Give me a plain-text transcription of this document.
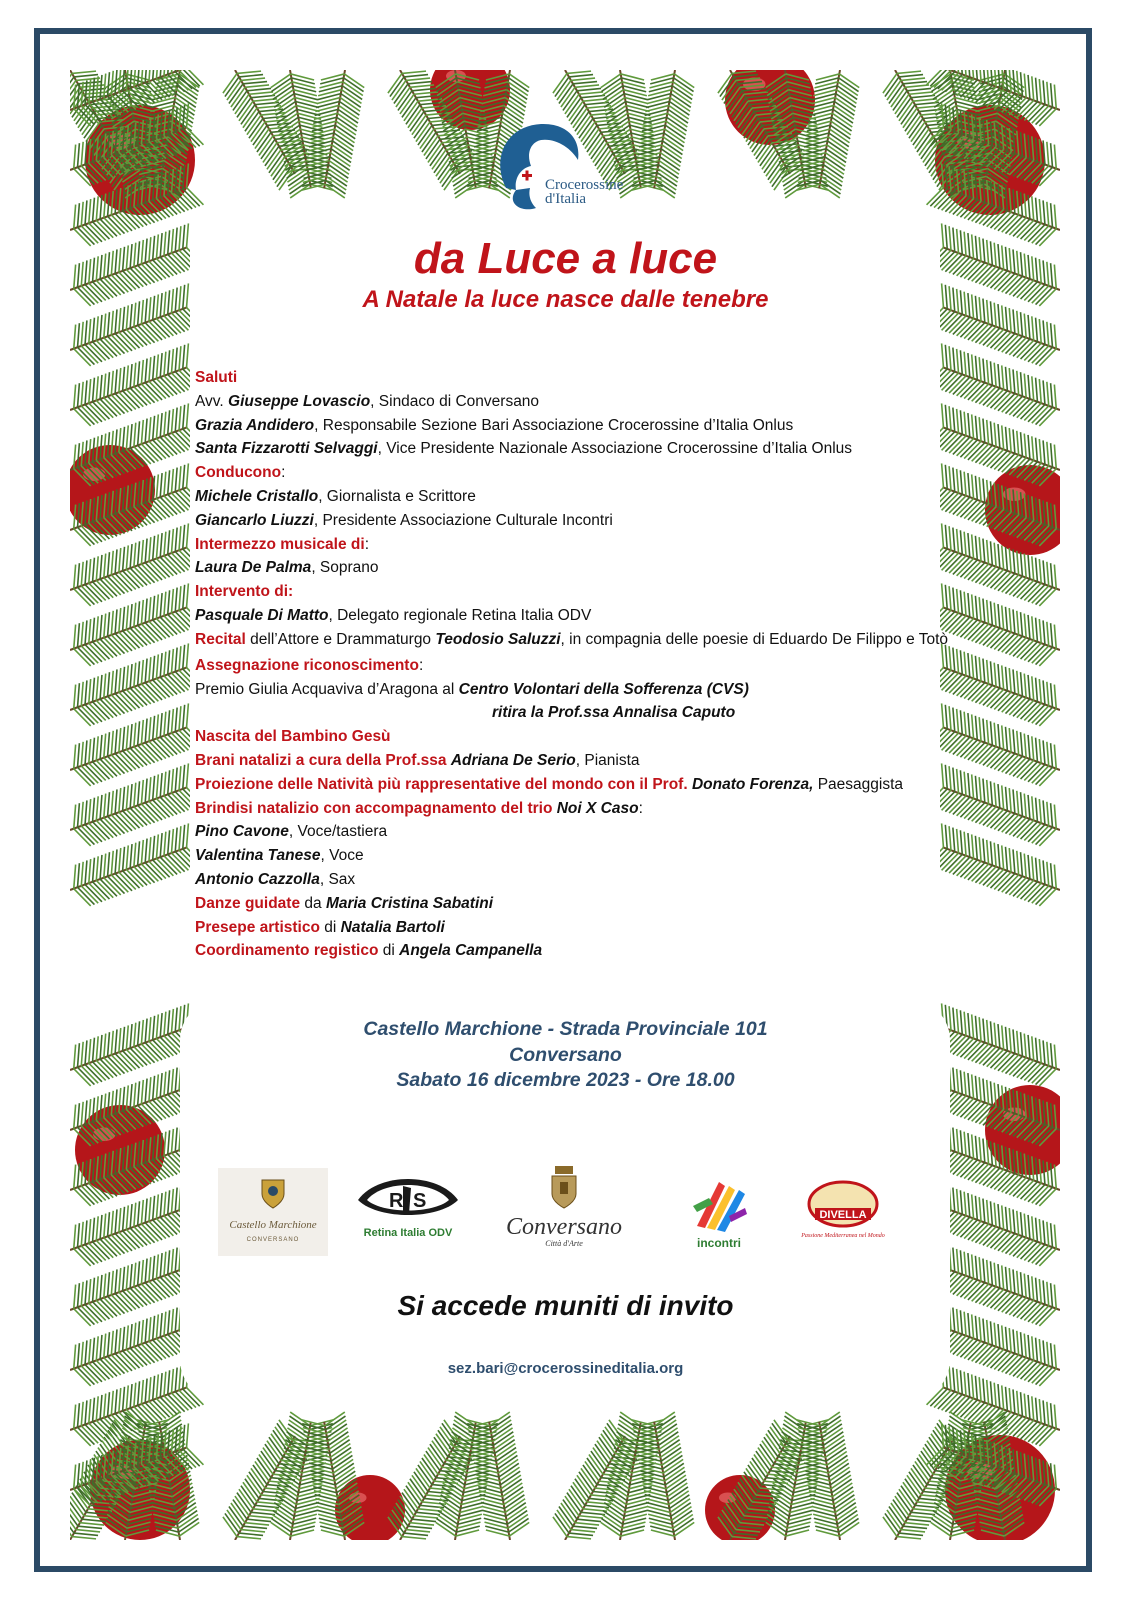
Crocerossine
d'Italia
da Luce a luce
A Natale la luce nasce dalle tenebre
Saluti
Avv. Giuseppe Lovascio, Sindaco di Conversano
Grazia Andidero, Responsabile Sezione Bari Associazione Crocerossine d’Italia Onlus
Santa Fizzarotti Selvaggi, Vice Presidente Nazionale Associazione Crocerossine d’Italia Onlus
Conducono:
Michele Cristallo, Giornalista e Scrittore
Giancarlo Liuzzi, Presidente Associazione Culturale Incontri
Intermezzo musicale di:
Laura De Palma, Soprano
Intervento di:
Pasquale Di Matto, Delegato regionale Retina Italia ODV
Recital dell’Attore e Drammaturgo Teodosio Saluzzi, in compagnia delle poesie di Eduardo De Filippo e Totò
Assegnazione riconoscimento:
Premio Giulia Acquaviva d’Aragona al Centro Volontari della Sofferenza (CVS)
ritira la Prof.ssa Annalisa Caputo
Nascita del Bambino Gesù
Brani natalizi a cura della Prof.ssa Adriana De Serio, Pianista
Proiezione delle Natività più rappresentative del mondo con il Prof. Donato Forenza, Paesaggista
Brindisi natalizio con accompagnamento del trio Noi X Caso:
Pino Cavone, Voce/tastiera
Valentina Tanese, Voce
Antonio Cazzolla, Sax
Danze guidate da Maria Cristina Sabatini
Presepe artistico di Natalia Bartoli
Coordinamento registico di Angela Campanella
Castello Marchione - Strada Provinciale 101
Conversano
Sabato 16 dicembre 2023 - Ore 18.00
Castello Marchione
CONVERSANO
R S
Retina Italia ODV	Conversano
Città d'Arte	incontri
DIVELLA
Passione Mediterranea nel Mondo
Si accede muniti di invito
sez.bari@crocerossineditalia.org
